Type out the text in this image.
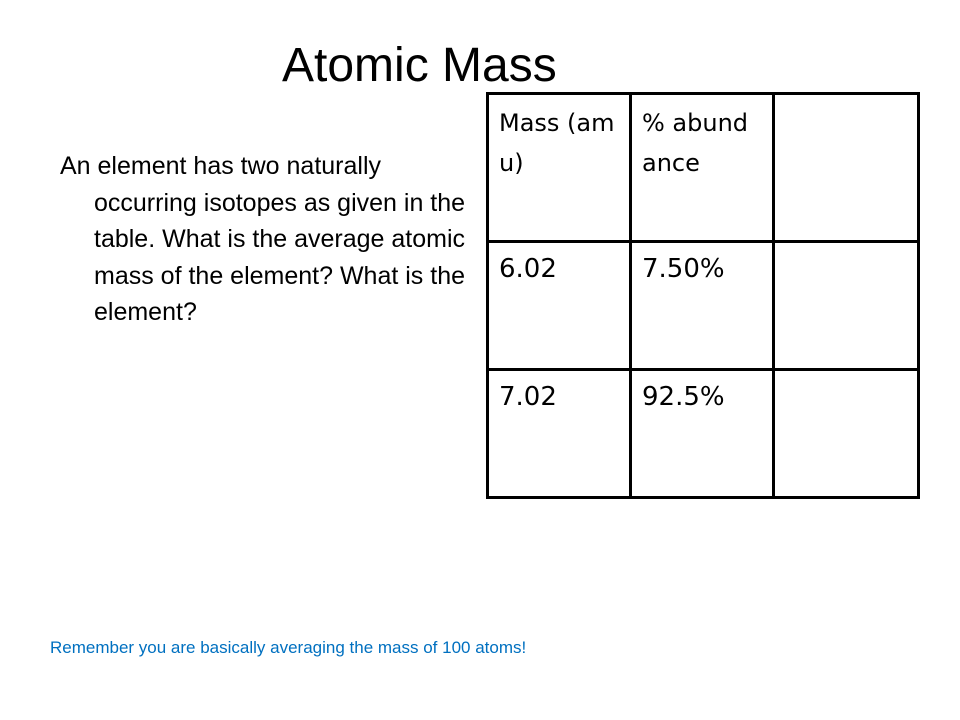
Atomic Mass

An element has two naturally occurring isotopes as given in the table. What is the average atomic mass of the element? What is the element?

Mass (amu)	% abundance	
6.02	7.50%	
7.02	92.5%	
Remember you are basically averaging the mass of 100 atoms!
